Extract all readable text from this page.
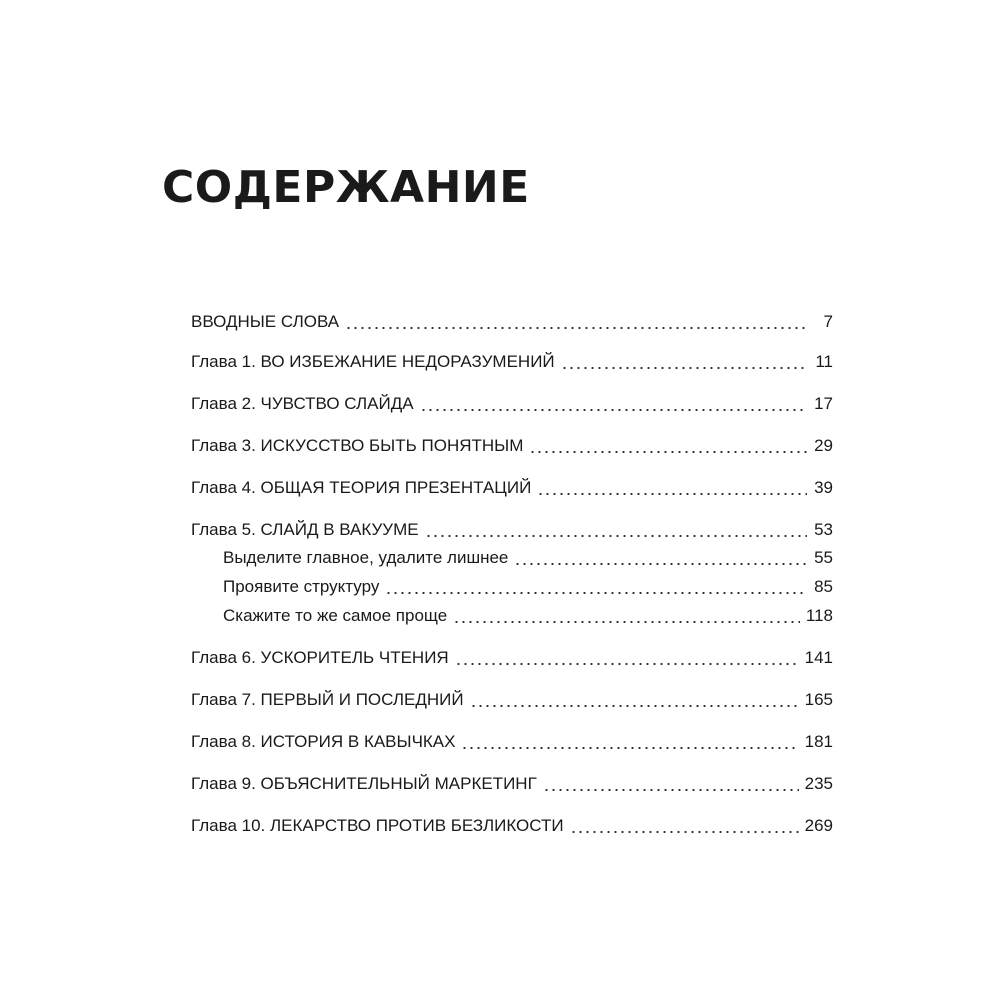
СОДЕРЖАНИЕ
ВВОДНЫЕ СЛОВА	7
Глава 1. ВО ИЗБЕЖАНИЕ НЕДОРАЗУМЕНИЙ	11
Глава 2. ЧУВСТВО СЛАЙДА	17
Глава 3. ИСКУССТВО БЫТЬ ПОНЯТНЫМ	29
Глава 4. ОБЩАЯ ТЕОРИЯ ПРЕЗЕНТАЦИЙ	39
Глава 5. СЛАЙД В ВАКУУМЕ	53
Выделите главное, удалите лишнее	55
Проявите структуру	85
Скажите то же самое проще	118
Глава 6. УСКОРИТЕЛЬ ЧТЕНИЯ	141
Глава 7. ПЕРВЫЙ И ПОСЛЕДНИЙ	165
Глава 8. ИСТОРИЯ В КАВЫЧКАХ	181
Глава 9. ОБЪЯСНИТЕЛЬНЫЙ МАРКЕТИНГ	235
Глава 10. ЛЕКАРСТВО ПРОТИВ БЕЗЛИКОСТИ	269
